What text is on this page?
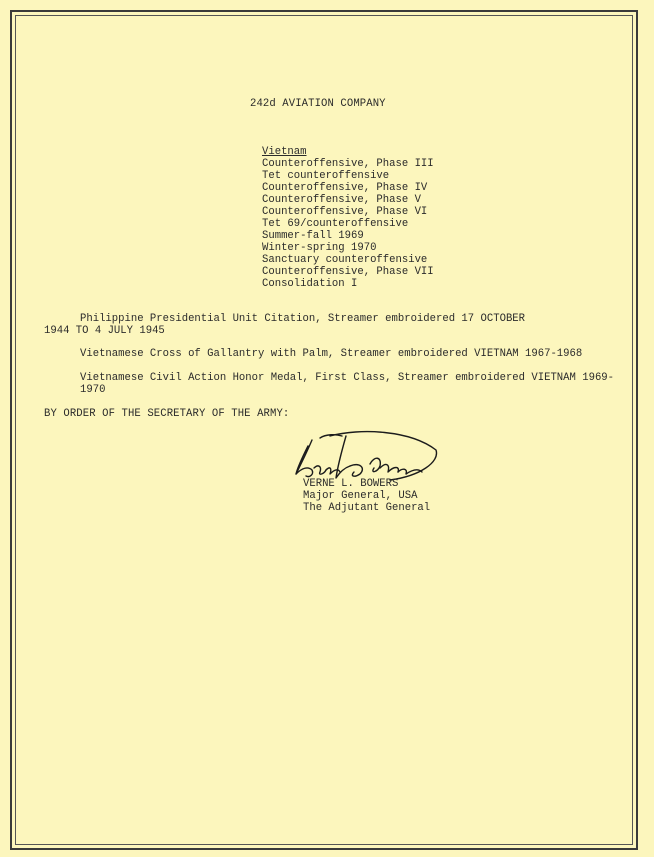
242d AVIATION COMPANY
Vietnam
Counteroffensive, Phase III
Tet counteroffensive
Counteroffensive, Phase IV
Counteroffensive, Phase V
Counteroffensive, Phase VI
Tet 69/counteroffensive
Summer-fall 1969
Winter-spring 1970
Sanctuary counteroffensive
Counteroffensive, Phase VII
Consolidation I
Philippine Presidential Unit Citation, Streamer embroidered 17 OCTOBER 1944 TO 4 JULY 1945
Vietnamese Cross of Gallantry with Palm, Streamer embroidered VIETNAM 1967-1968
Vietnamese Civil Action Honor Medal, First Class, Streamer embroidered VIETNAM 1969-1970
BY ORDER OF THE SECRETARY OF THE ARMY:
VERNE L. BOWERS
Major General, USA
The Adjutant General
